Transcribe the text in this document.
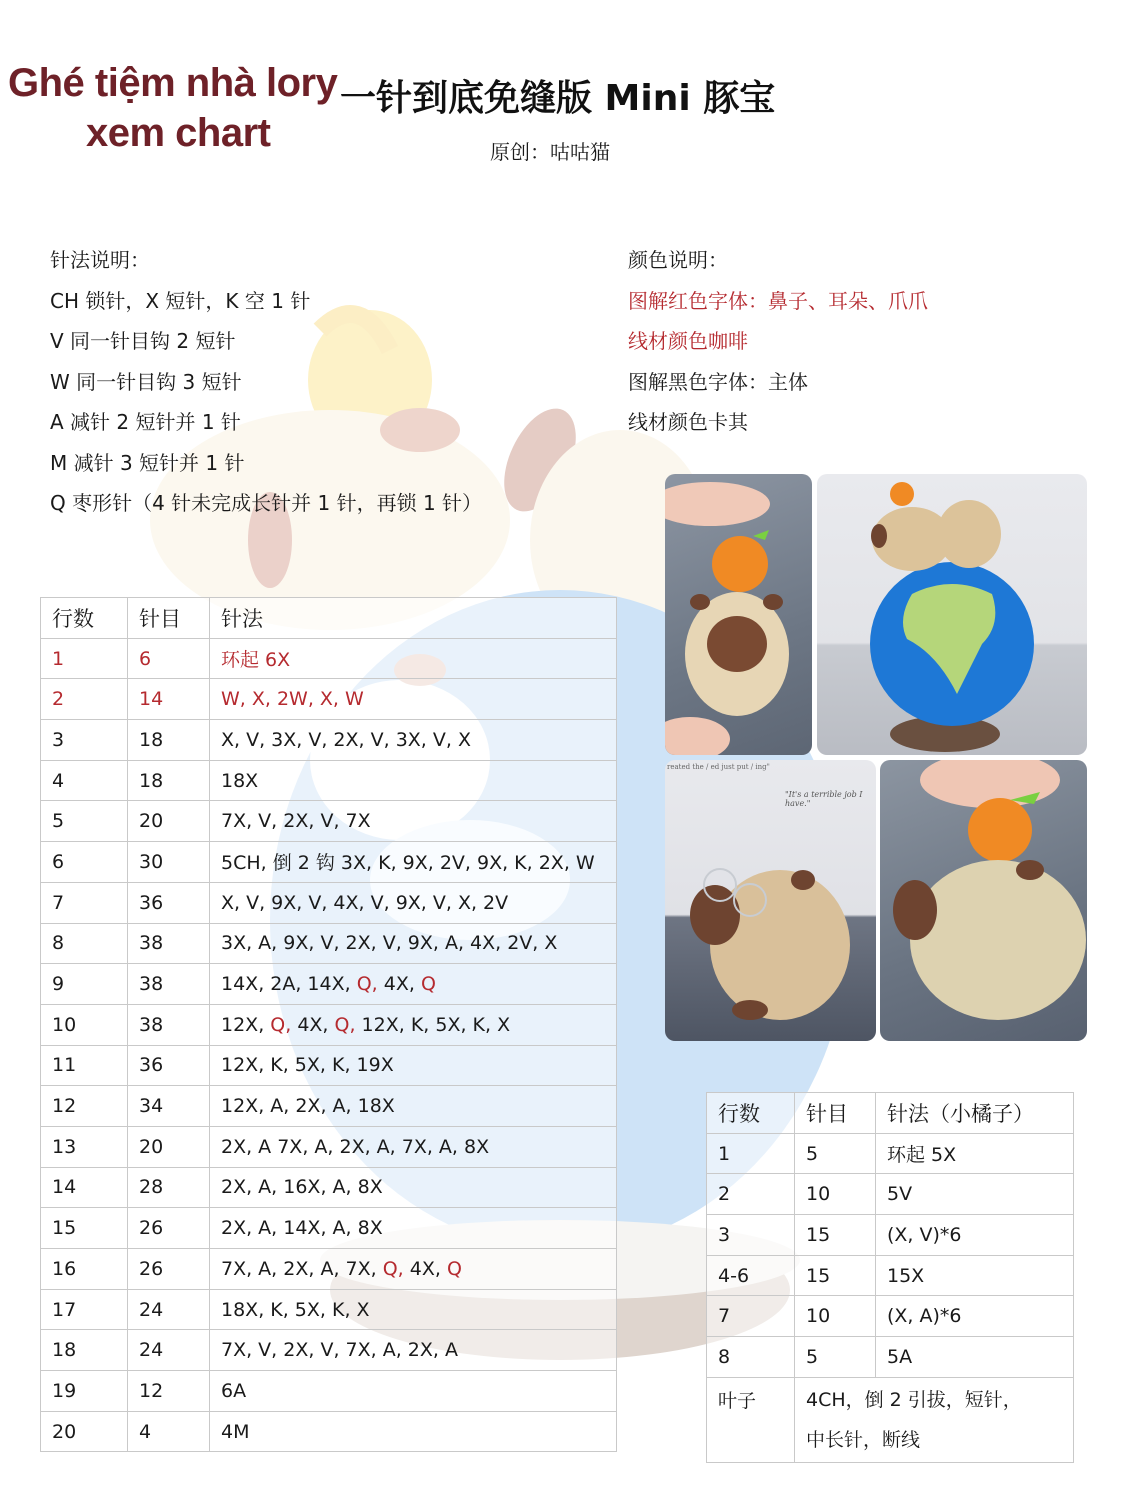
Ghé tiệm nhà lory
xem chart
一针到底免缝版 Mini 豚宝
原创：咕咕猫
针法说明：
CH 锁针，X 短针，K 空 1 针
V 同一针目钩 2 短针
W 同一针目钩 3 短针
A 减针 2 短针并 1 针
M 减针 3 短针并 1 针
Q 枣形针（4 针未完成长针并 1 针，再锁 1 针）
颜色说明：
图解红色字体：鼻子、耳朵、爪爪
线材颜色咖啡
图解黑色字体：主体
线材颜色卡其
行数	针目	针法
1	6	环起 6X
2	14	W, X, 2W, X, W
3	18	X, V, 3X, V, 2X, V, 3X, V, X
4	18	18X
5	20	7X, V, 2X, V, 7X
6	30	5CH, 倒 2 钩 3X, K, 9X, 2V, 9X, K, 2X, W
7	36	X, V, 9X, V, 4X, V, 9X, V, X, 2V
8	38	3X, A, 9X, V, 2X, V, 9X, A, 4X, 2V, X
9	38	14X, 2A, 14X, Q, 4X, Q
10	38	12X, Q, 4X, Q, 12X, K, 5X, K, X
11	36	12X, K, 5X, K, 19X
12	34	12X, A, 2X, A, 18X
13	20	2X, A 7X, A, 2X, A, 7X, A, 8X
14	28	2X, A, 16X, A, 8X
15	26	2X, A, 14X, A, 8X
16	26	7X, A, 2X, A, 7X, Q, 4X, Q
17	24	18X, K, 5X, K, X
18	24	7X, V, 2X, V, 7X, A, 2X, A
19	12	6A
20	4	4M
行数	针目	针法（小橘子）
1	5	环起 5X
2	10	5V
3	15	(X, V)*6
4-6	15	15X
7	10	(X, A)*6
8	5	5A
叶子	4CH，倒 2 引拔，短针，
中长针，断线	
reated the / ed just put / ing"
"It's a terrible job I have."
